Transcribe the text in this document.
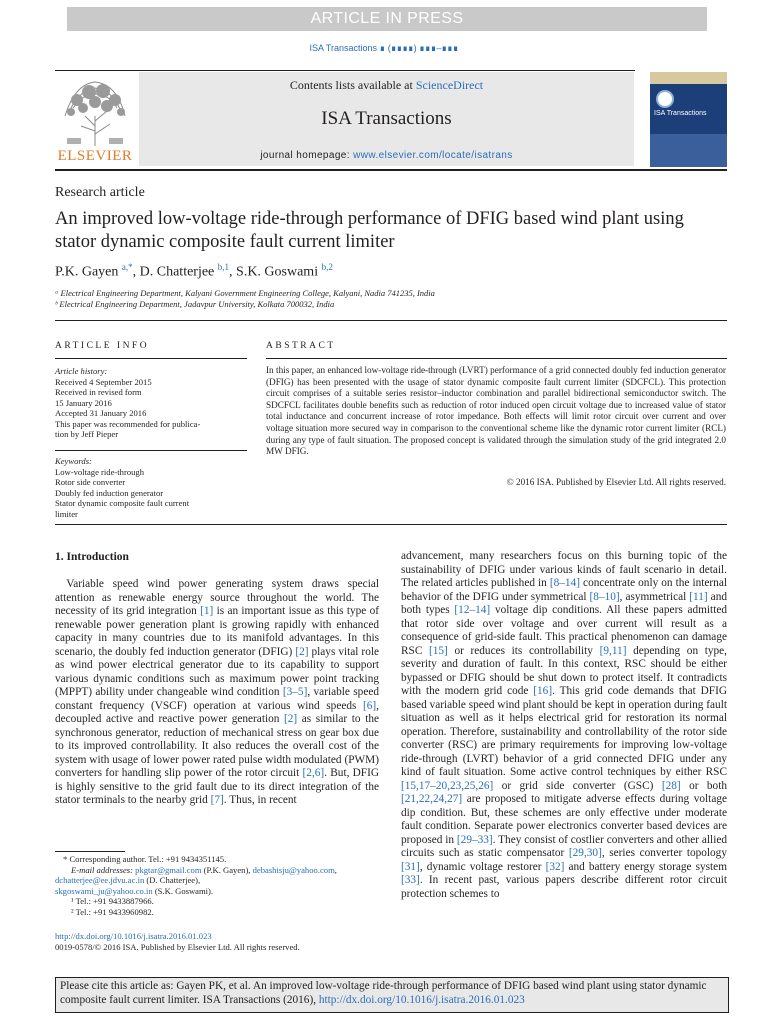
ARTICLE IN PRESS
ISA Transactions ∎ (∎∎∎∎) ∎∎∎–∎∎∎
ELSEVIER
Contents lists available at ScienceDirect
ISA Transactions
journal homepage: www.elsevier.com/locate/isatrans
ISA Transactions
Research article
An improved low-voltage ride-through performance of DFIG based wind plant using stator dynamic composite fault current limiter
P.K. Gayen $^{a,*}$, D. Chatterjee $^{b,1}$, S.K. Goswami $^{b,2}$
ᵃ Electrical Engineering Department, Kalyani Government Engineering College, Kalyani, Nadia 741235, India
ᵇ Electrical Engineering Department, Jadavpur University, Kolkata 700032, India
ARTICLE INFO
Article history:
Received 4 September 2015
Received in revised form
15 January 2016
Accepted 31 January 2016
This paper was recommended for publica-
tion by Jeff Pieper
Keywords:
Low-voltage ride-through
Rotor side converter
Doubly fed induction generator
Stator dynamic composite fault current
limiter
ABSTRACT
In this paper, an enhanced low-voltage ride-through (LVRT) performance of a grid connected doubly fed induction generator (DFIG) has been presented with the usage of stator dynamic composite fault current limiter (SDCFCL). This protection circuit comprises of a suitable series resistor–inductor combination and parallel bidirectional semiconductor switch. The SDCFCL facilitates double benefits such as reduction of rotor induced open circuit voltage due to increased value of stator total inductance and concurrent increase of rotor impedance. Both effects will limit rotor circuit over current and over voltage situation more secured way in comparison to the conventional scheme like the dynamic rotor current limiter (RCL) during any type of fault situation. The proposed concept is validated through the simulation study of the grid integrated 2.0 MW DFIG.
© 2016 ISA. Published by Elsevier Ltd. All rights reserved.
1. Introduction
 Variable speed wind power generating system draws special attention as renewable energy source throughout the world. The necessity of its grid integration [1] is an important issue as this type of renewable power generation plant is growing rapidly with enhanced capacity in many countries due to its manifold advantages. In this scenario, the doubly fed induction generator (DFIG) [2] plays vital role as wind power electrical generator due to its capability to support various dynamic conditions such as maximum power point tracking (MPPT) ability under changeable wind condition [3–5], variable speed constant frequency (VSCF) operation at various wind speeds [6], decoupled active and reactive power generation [2] as similar to the synchronous generator, reduction of mechanical stress on gear box due to its improved controllability. It also reduces the overall cost of the system with usage of lower power rated pulse width modulated (PWM) converters for handling slip power of the rotor circuit [2,6]. But, DFIG is highly sensitive to the grid fault due to its direct integration of the stator terminals to the nearby grid [7]. Thus, in recent
advancement, many researchers focus on this burning topic of the sustainability of DFIG under various kinds of fault scenario in detail. The related articles published in [8–14] concentrate only on the internal behavior of the DFIG under symmetrical [8–10], asymmetrical [11] and both types [12–14] voltage dip conditions. All these papers admitted that rotor side over voltage and over current will result as a consequence of grid-side fault. This practical phenomenon can damage RSC [15] or reduces its controllability [9,11] depending on type, severity and duration of fault. In this context, RSC should be either bypassed or DFIG should be shut down to protect itself. It contradicts with the modern grid code [16]. This grid code demands that DFIG based variable speed wind plant should be kept in operation during fault situation as well as it helps electrical grid for restoration its normal operation. Therefore, sustainability and controllability of the rotor side converter (RSC) are primary requirements for improving low-voltage ride-through (LVRT) behavior of a grid connected DFIG under any kind of fault situation. Some active control techniques by either RSC [15,17–20,23,25,26] or grid side converter (GSC) [28] or both [21,22,24,27] are proposed to mitigate adverse effects during voltage dip condition. But, these schemes are only effective under moderate fault condition. Separate power electronics converter based devices are proposed in [29–33]. They consist of costlier converters and other allied circuits such as static compensator [29,30], series converter topology [31], dynamic voltage restorer [32] and battery energy storage system [33]. In recent past, various papers describe different rotor circuit protection schemes to
* Corresponding author. Tel.: +91 9434351145.
E-mail addresses: pkgtar@gmail.com (P.K. Gayen), debashisju@yahoo.com,
dchatterjee@ee.jdvu.ac.in (D. Chatterjee),
skgoswami_ju@yahoo.co.in (S.K. Goswami).
¹ Tel.: +91 9433887966.
² Tel.: +91 9433960982.
http://dx.doi.org/10.1016/j.isatra.2016.01.023
0019-0578/© 2016 ISA. Published by Elsevier Ltd. All rights reserved.
Please cite this article as: Gayen PK, et al. An improved low-voltage ride-through performance of DFIG based wind plant using stator dynamic composite fault current limiter. ISA Transactions (2016), http://dx.doi.org/10.1016/j.isatra.2016.01.023
